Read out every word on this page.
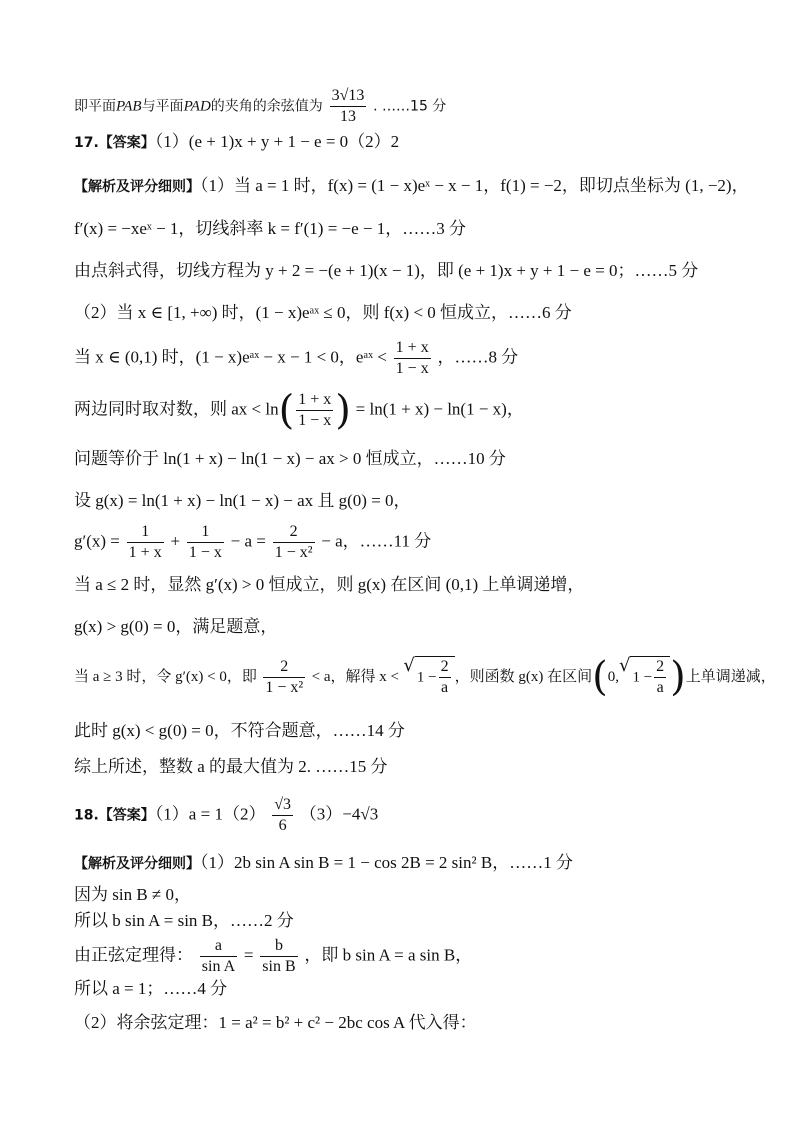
即平面PAB与平面PAD的夹角的余弦值为 $\frac{3√13}{13}$ . ……15 分
17.【答案】（1）(e + 1)x + y + 1 − e = 0（2）2
【解析及评分细则】（1）当 a = 1 时，f(x) = (1 − x)eˣ − x − 1，f(1) = −2，即切点坐标为 (1, −2)，
f′(x) = −xeˣ − 1，切线斜率 k = f′(1) = −e − 1，……3 分
由点斜式得，切线方程为 y + 2 = −(e + 1)(x − 1)，即 (e + 1)x + y + 1 − e = 0；……5 分
（2）当 x ∈ [1, +∞) 时，(1 − x)eᵃˣ ≤ 0，则 f(x) < 0 恒成立，……6 分
当 x ∈ (0,1) 时，(1 − x)eᵃˣ − x − 1 < 0，eᵃˣ < $\frac{1 + x}{1 - x}$ ，……8 分
两边同时取对数，则 ax < $\ln( \frac{1 + x}{1 - x}$ ) = ln(1 + x) − ln(1 − x)，
问题等价于 ln(1 + x) − ln(1 − x) − ax > 0 恒成立，……10 分
设 g(x) = ln(1 + x) − ln(1 − x) − ax 且 g(0) = 0，
$g'(x) = \frac{1}{1 + x} + \frac{1}{1 - x} - a = \frac{2}{\text{1 − x²}} - a$，……11 分
当 a ≤ 2 时，显然 g′(x) > 0 恒成立，则 g(x) 在区间 (0,1) 上单调递增，
g(x) > g(0) = 0，满足题意，
当 a ≥ 3 时，令 g′(x) < 0，即 $\frac{2}{\text{1 − x²}} < a$，解得 x <
√
$1 - \frac{2}{a}$ ，则函数 g(x) 在区间(0,
√
$1 - \frac{2}{a}$ )上单调递减，
此时 g(x) < g(0) = 0，不符合题意，……14 分
综上所述，整数 a 的最大值为 2. ……15 分
18.【答案】$(1)a = 1(2) \frac{√3}{6} (3)-4√3$
【解析及评分细则】（1）2b sin A sin B = 1 − cos 2B = 2 sin² B，……1 分
因为 sin B ≠ 0，
所以 b sin A = sin B，……2 分
由正弦定理得： $\frac{a}{\text{sin A}} = \frac{b}{\text{sin B}}$ ，即 b sin A = a sin B，
所以 a = 1；……4 分
（2）将余弦定理：1 = a² = b² + c² − 2bc cos A 代入得：
